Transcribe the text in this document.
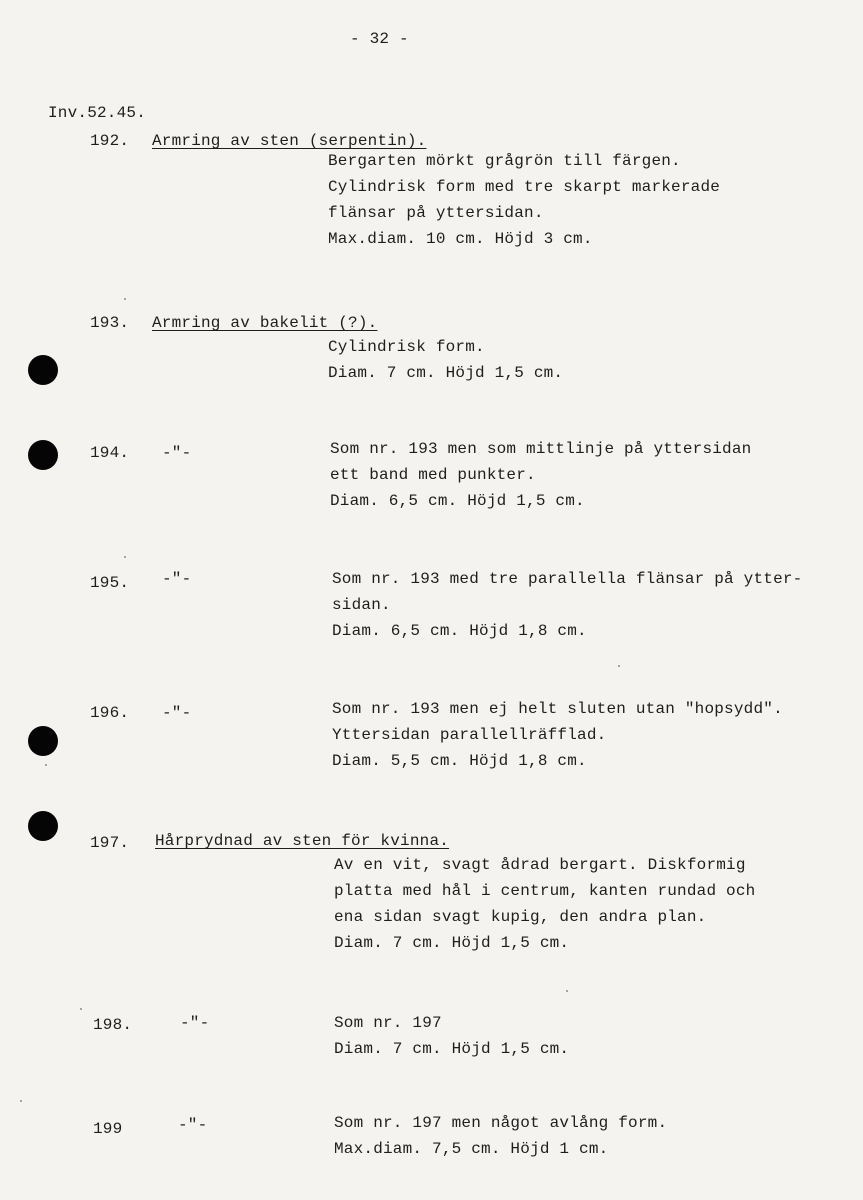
- 32 -
Inv.52.45.
192. Armring av sten (serpentin).
Bergarten mörkt grågrön till färgen.
Cylindrisk form med tre skarpt markerade
flänsar på yttersidan.
Max.diam. 10 cm. Höjd 3 cm.
193. Armring av bakelit (?).
Cylindrisk form.
Diam. 7 cm. Höjd 1,5 cm.
194. -"-	Som nr. 193 men som mittlinje på yttersidan
ett band med punkter.
Diam. 6,5 cm. Höjd 1,5 cm.
195. -"-	Som nr. 193 med tre parallella flänsar på ytter-
sidan.
Diam. 6,5 cm. Höjd 1,8 cm.
196. -"-	Som nr. 193 men ej helt sluten utan "hopsydd".
Yttersidan parallellräfflad.
Diam. 5,5 cm. Höjd 1,8 cm.
197. Hårprydnad av sten för kvinna.
Av en vit, svagt ådrad bergart. Diskformig
platta med hål i centrum, kanten rundad och
ena sidan svagt kupig, den andra plan.
Diam. 7 cm. Höjd 1,5 cm.
198.	-"-	Som nr. 197
Diam. 7 cm. Höjd 1,5 cm.
199	-"-	Som nr. 197 men något avlång form.
Max.diam. 7,5 cm. Höjd 1 cm.
